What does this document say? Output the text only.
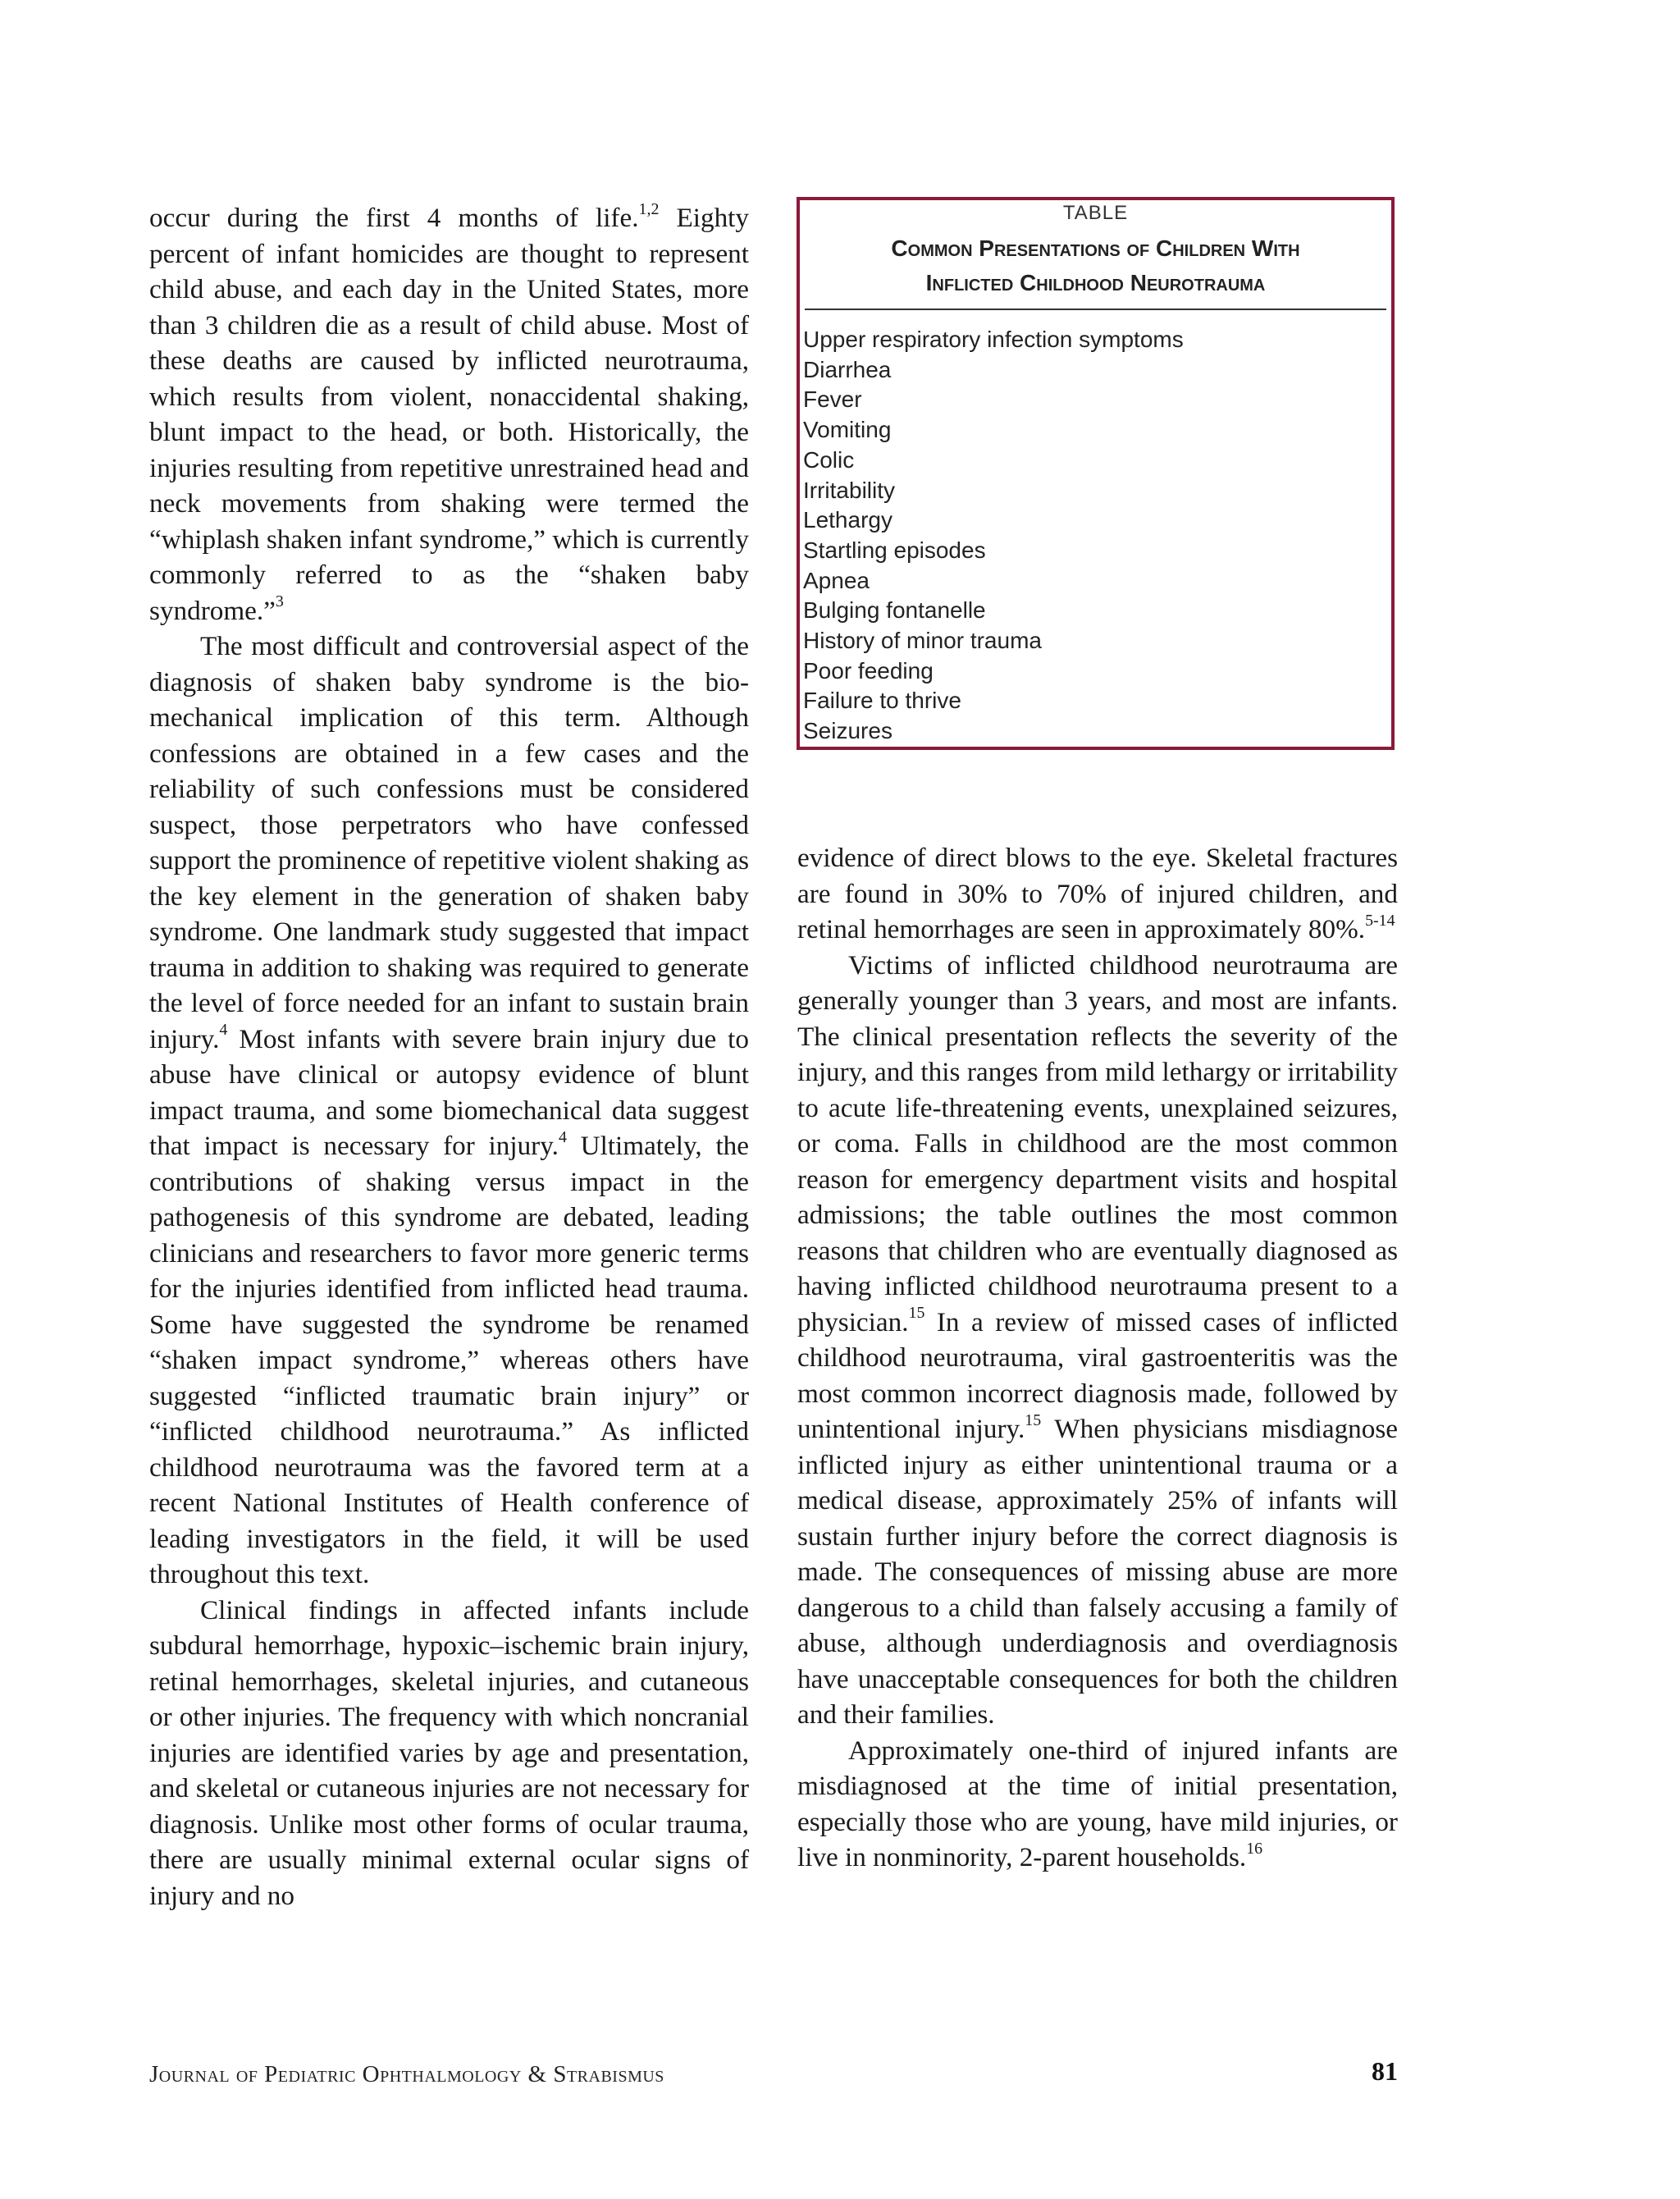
occur during the first 4 months of life.$^{1,2}$ Eighty percent of infant homicides are thought to represent child abuse, and each day in the United States, more than 3 children die as a result of child abuse. Most of these deaths are caused by inflicted neurotrauma, which results from violent, nonaccidental shaking, blunt impact to the head, or both. Historically, the injuries resulting from repetitive unrestrained head and neck movements from shaking were termed the “whiplash shaken infant syndrome,” which is currently commonly referred to as the “shaken baby syndrome.”$^3$

The most difficult and controversial aspect of the diagnosis of shaken baby syndrome is the biomechanical implication of this term. Although confessions are obtained in a few cases and the reliability of such confessions must be considered suspect, those perpetrators who have confessed support the prominence of repetitive violent shaking as the key element in the generation of shaken baby syndrome. One landmark study suggested that impact trauma in addition to shaking was required to generate the level of force needed for an infant to sustain brain injury.$^4$ Most infants with severe brain injury due to abuse have clinical or autopsy evidence of blunt impact trauma, and some biomechanical data suggest that impact is necessary for injury.$^4$ Ultimately, the contributions of shaking versus impact in the pathogenesis of this syndrome are debated, leading clinicians and researchers to favor more generic terms for the injuries identified from inflicted head trauma. Some have suggested the syndrome be renamed “shaken impact syndrome,” whereas others have suggested “inflicted traumatic brain injury” or “inflicted childhood neurotrauma.” As inflicted childhood neurotrauma was the favored term at a recent National Institutes of Health conference of leading investigators in the field, it will be used throughout this text.

Clinical findings in affected infants include subdural hemorrhage, hypoxic–ischemic brain injury, retinal hemorrhages, skeletal injuries, and cutaneous or other injuries. The frequency with which noncranial injuries are identified varies by age and presentation, and skeletal or cutaneous injuries are not necessary for diagnosis. Unlike most other forms of ocular trauma, there are usually minimal external ocular signs of injury and no

TABLE
Common Presentations of Children With
Inflicted Childhood Neurotrauma
Upper respiratory infection symptoms
Diarrhea
Fever
Vomiting
Colic
Irritability
Lethargy
Startling episodes
Apnea
Bulging fontanelle
History of minor trauma
Poor feeding
Failure to thrive
Seizures

evidence of direct blows to the eye. Skeletal fractures are found in 30% to 70% of injured children, and retinal hemorrhages are seen in approximately 80%.$^{5-14}$

Victims of inflicted childhood neurotrauma are generally younger than 3 years, and most are infants. The clinical presentation reflects the severity of the injury, and this ranges from mild lethargy or irritability to acute life-threatening events, unexplained seizures, or coma. Falls in childhood are the most common reason for emergency department visits and hospital admissions; the table outlines the most common reasons that children who are eventually diagnosed as having inflicted childhood neurotrauma present to a physician.$^{15}$ In a review of missed cases of inflicted childhood neurotrauma, viral gastroenteritis was the most common incorrect diagnosis made, followed by unintentional injury.$^{15}$ When physicians misdiagnose inflicted injury as either unintentional trauma or a medical disease, approximately 25% of infants will sustain further injury before the correct diagnosis is made. The consequences of missing abuse are more dangerous to a child than falsely accusing a family of abuse, although underdiagnosis and overdiagnosis have unacceptable consequences for both the children and their families.

Approximately one-third of injured infants are misdiagnosed at the time of initial presentation, especially those who are young, have mild injuries, or live in nonminority, 2-parent households.$^{16}$

Journal of Pediatric Ophthalmology & Strabismus	81
